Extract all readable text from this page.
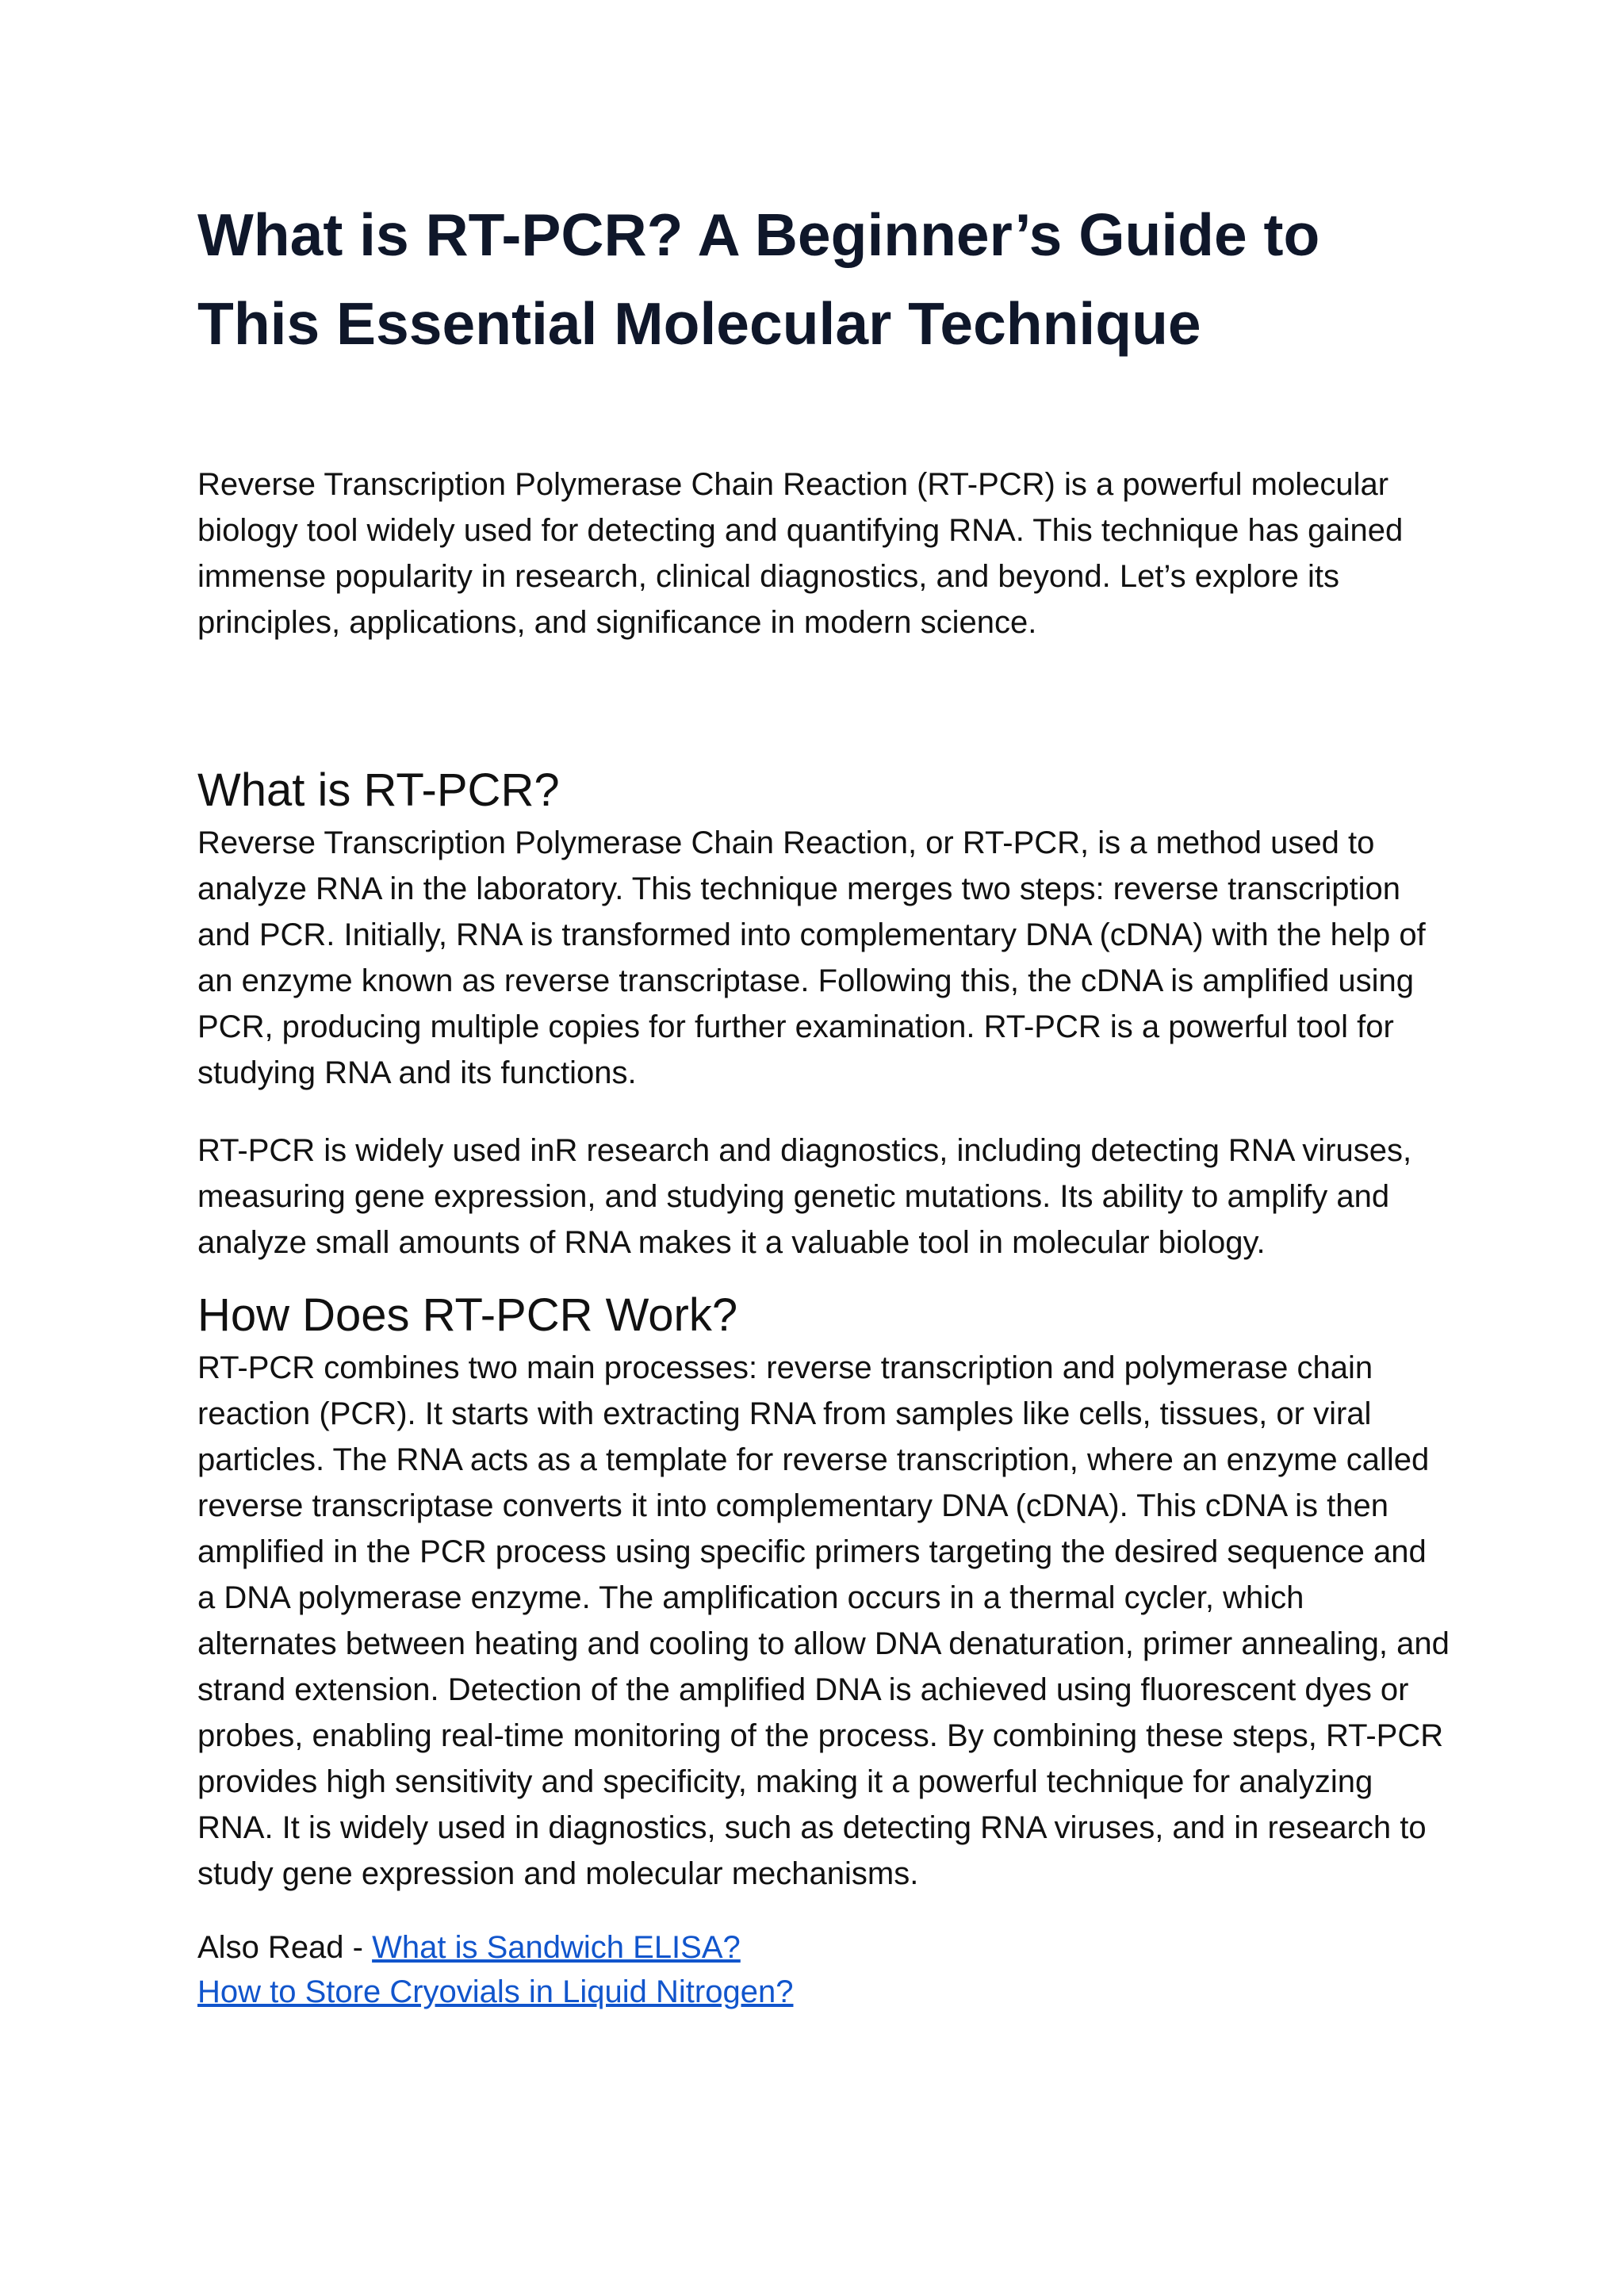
What is RT-PCR? A Beginner’s Guide to This Essential Molecular Technique

Reverse Transcription Polymerase Chain Reaction (RT-PCR) is a powerful molecular biology tool widely used for detecting and quantifying RNA. This technique has gained immense popularity in research, clinical diagnostics, and beyond. Let’s explore its principles, applications, and significance in modern science.

What is RT-PCR?

Reverse Transcription Polymerase Chain Reaction, or RT-PCR, is a method used to analyze RNA in the laboratory. This technique merges two steps: reverse transcription and PCR. Initially, RNA is transformed into complementary DNA (cDNA) with the help of an enzyme known as reverse transcriptase. Following this, the cDNA is amplified using PCR, producing multiple copies for further examination. RT-PCR is a powerful tool for studying RNA and its functions.

RT-PCR is widely used inR research and diagnostics, including detecting RNA viruses, measuring gene expression, and studying genetic mutations. Its ability to amplify and analyze small amounts of RNA makes it a valuable tool in molecular biology.

How Does RT-PCR Work?

RT-PCR combines two main processes: reverse transcription and polymerase chain reaction (PCR). It starts with extracting RNA from samples like cells, tissues, or viral particles. The RNA acts as a template for reverse transcription, where an enzyme called reverse transcriptase converts it into complementary DNA (cDNA). This cDNA is then amplified in the PCR process using specific primers targeting the desired sequence and a DNA polymerase enzyme. The amplification occurs in a thermal cycler, which alternates between heating and cooling to allow DNA denaturation, primer annealing, and strand extension. Detection of the amplified DNA is achieved using fluorescent dyes or probes, enabling real-time monitoring of the process. By combining these steps, RT-PCR provides high sensitivity and specificity, making it a powerful technique for analyzing RNA. It is widely used in diagnostics, such as detecting RNA viruses, and in research to study gene expression and molecular mechanisms.

Also Read - What is Sandwich ELISA?
How to Store Cryovials in Liquid Nitrogen?
